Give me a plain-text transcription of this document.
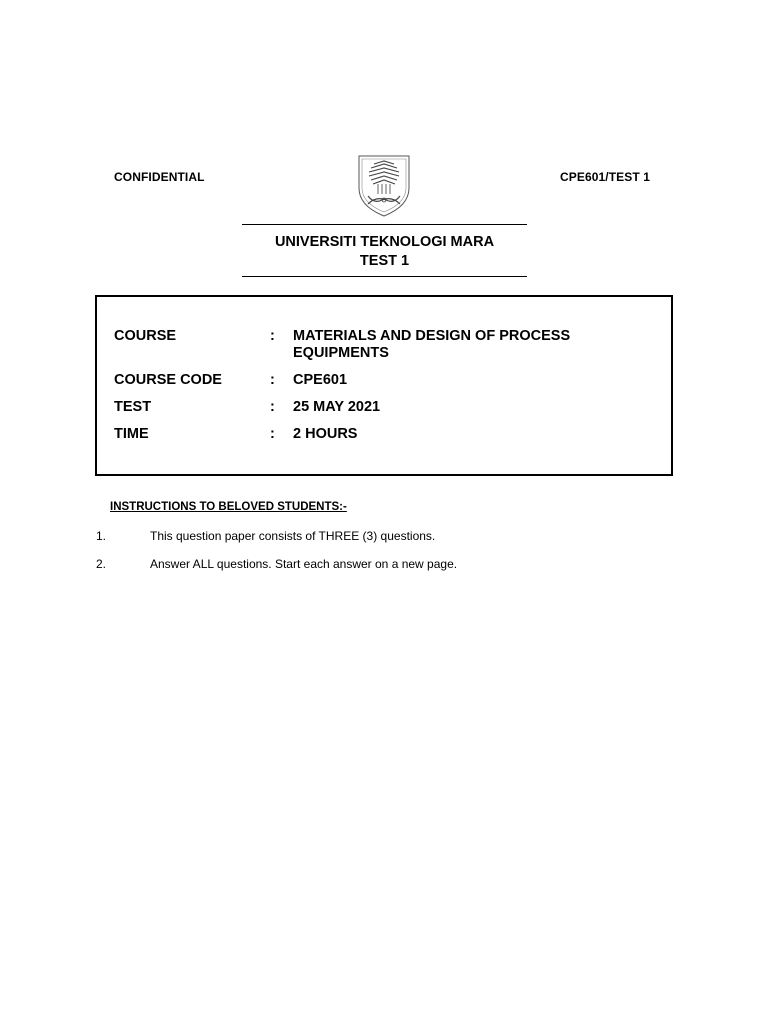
CONFIDENTIAL	CPE601/TEST 1
UNIVERSITI TEKNOLOGI MARA
TEST 1
COURSE	: MATERIALS AND DESIGN OF PROCESS
EQUIPMENTS
COURSE CODE	: CPE601
TEST	: 25 MAY 2021
TIME	: 2 HOURS
INSTRUCTIONS TO BELOVED STUDENTS:-
1.	This question paper consists of THREE (3) questions.
2.	Answer ALL questions. Start each answer on a new page.
